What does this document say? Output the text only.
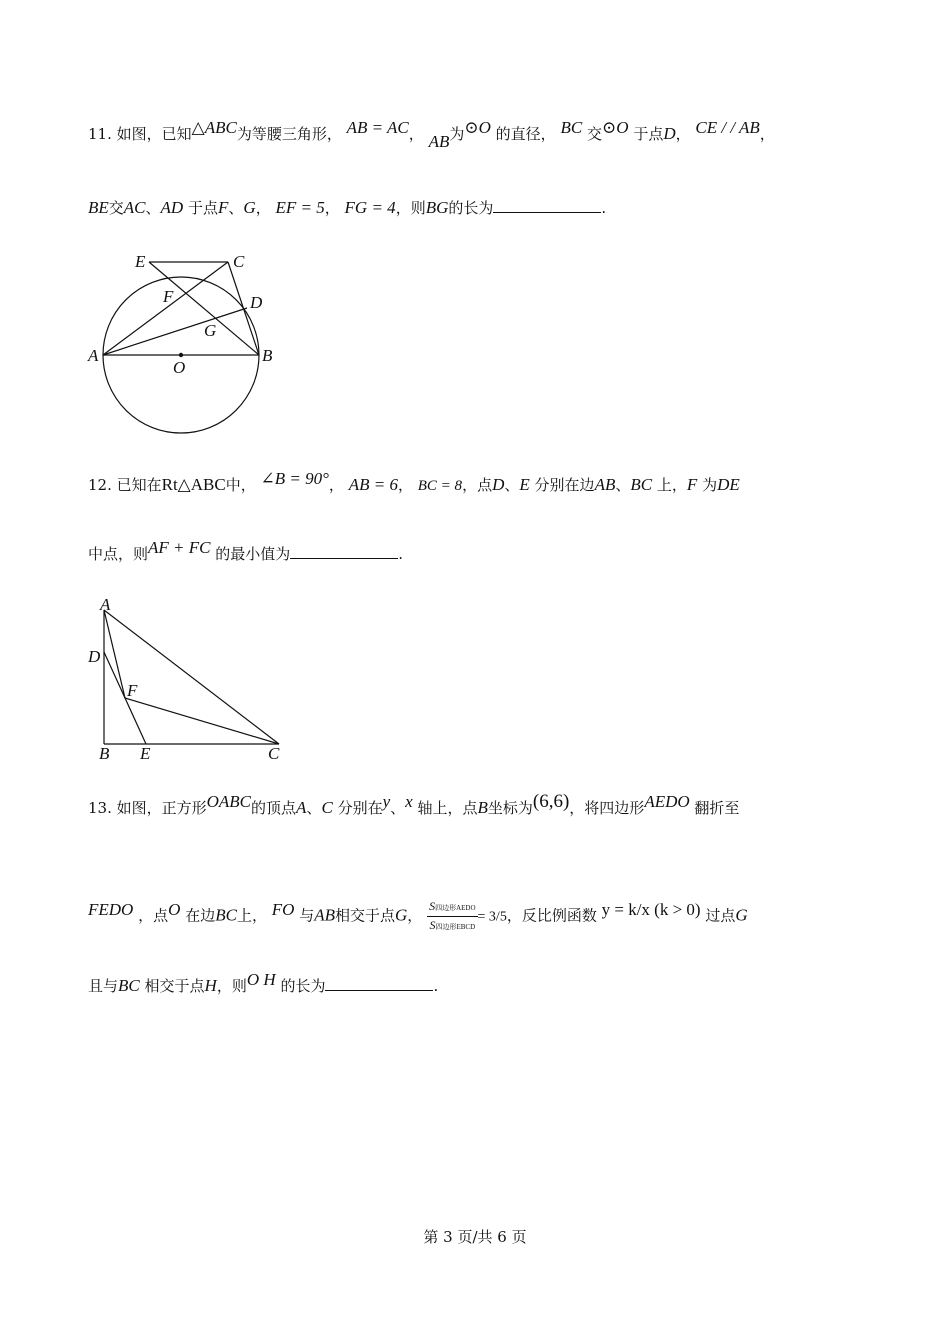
11. 如图，已知△ABC为等腰三角形， AB = AC， AB为⊙O 的直径， BC 交⊙O 于点D， CE / / AB，
BE交AC、AD 于点F、G， EF = 5， FG = 4，则BG的长为	.
E	C
F	D
G
A
O
B
12. 已知在Rt△ABC中， ∠B = 90°， AB = 6， BC = 8，点D、E 分别在边AB、BC 上，F 为DE
中点，则AF + FC 的最小值为	.
A
D
F
B E	C
13. 如图，正方形OABC的顶点A、C 分别在y、x 轴上，点B坐标为(6,6)，将四边形AEDO 翻折至
FEDO ，点O 在边BC上， FO 与AB相交于点G， $\frac{\text{S四边形AEDO}}{\text{S四边形EBCD}} = 3/5$，反比例函数 y = k/x (k > 0) 过点G
且与BC 相交于点H，则O H 的长为	.
第 3 页/共 6 页
